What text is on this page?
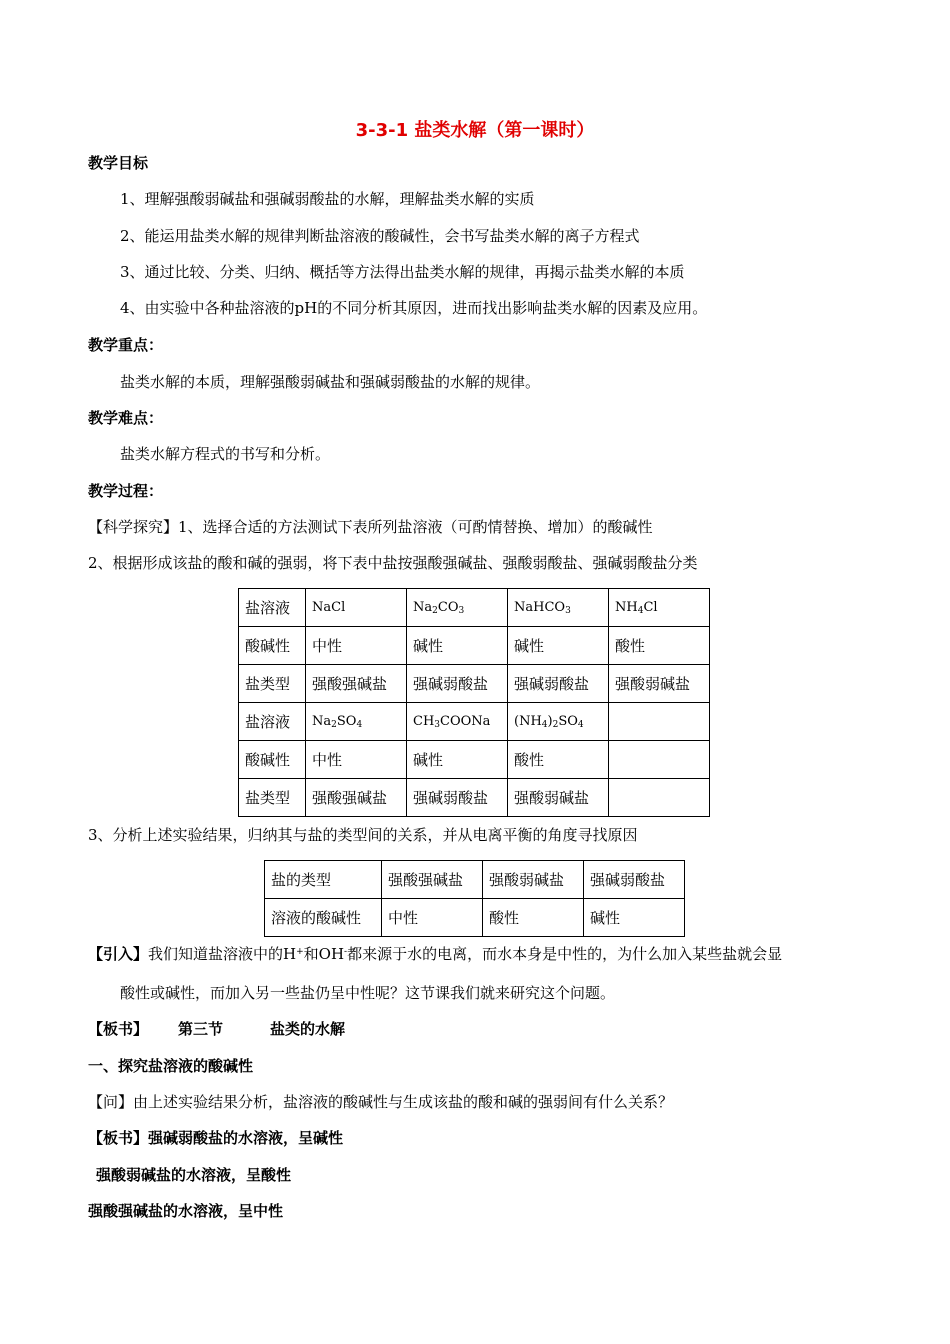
3-3-1 盐类水解（第一课时）
教学目标
1、理解强酸弱碱盐和强碱弱酸盐的水解，理解盐类水解的实质
2、能运用盐类水解的规律判断盐溶液的酸碱性，会书写盐类水解的离子方程式
3、通过比较、分类、归纳、概括等方法得出盐类水解的规律，再揭示盐类水解的本质
4、由实验中各种盐溶液的pH的不同分析其原因，进而找出影响盐类水解的因素及应用。
教学重点：
盐类水解的本质，理解强酸弱碱盐和强碱弱酸盐的水解的规律。
教学难点：
盐类水解方程式的书写和分析。
教学过程：
【科学探究】1、选择合适的方法测试下表所列盐溶液（可酌情替换、增加）的酸碱性
2、根据形成该盐的酸和碱的强弱，将下表中盐按强酸强碱盐、强酸弱酸盐、强碱弱酸盐分类
盐溶液	NaCl	$Na_2CO_3$	NaHCO$_3$	$NH_4Cl$
酸碱性	中性	碱性	碱性	酸性
盐类型	强酸强碱盐	强碱弱酸盐	强碱弱酸盐	强酸弱碱盐
盐溶液	$Na_2SO_4$	$CH_3COONa$	$(NH_4)_2SO_4$	
酸碱性	中性	碱性	酸性	
盐类型	强酸强碱盐	强碱弱酸盐	强酸弱碱盐	
3、分析上述实验结果，归纳其与盐的类型间的关系，并从电离平衡的角度寻找原因
盐的类型	强酸强碱盐	强酸弱碱盐	强碱弱酸盐
溶液的酸碱性	中性	酸性	碱性
【引入】我们知道盐溶液中的H+和OH-都来源于水的电离，而水本身是中性的，为什么加入某些盐就会显
酸性或碱性，而加入另一些盐仍呈中性呢？这节课我们就来研究这个问题。
【板书】 第三节	盐类的水解
一、探究盐溶液的酸碱性
【问】由上述实验结果分析，盐溶液的酸碱性与生成该盐的酸和碱的强弱间有什么关系？
【板书】强碱弱酸盐的水溶液，呈碱性
强酸弱碱盐的水溶液，呈酸性
强酸强碱盐的水溶液，呈中性
